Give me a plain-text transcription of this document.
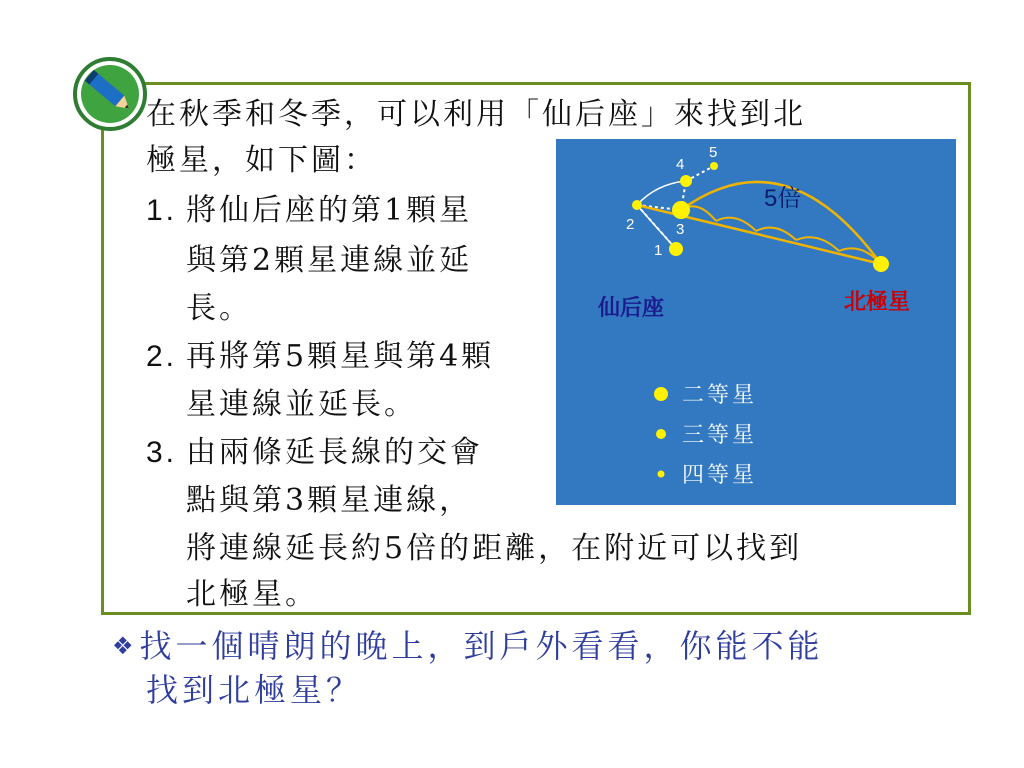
在秋季和冬季，可以利用「仙后座」來找到北
極星，如下圖：
1. 將仙后座的第1顆星
與第2顆星連線並延
長。
2. 再將第5顆星與第4顆
星連線並延長。
3. 由兩條延長線的交會
點與第3顆星連線，
將連線延長約5倍的距離，在附近可以找到
北極星。
1
2	3
4
5
5倍
仙后座	北極星
二等星
三等星
四等星
❖ 找一個晴朗的晚上，到戶外看看，你能不能
找到北極星？
